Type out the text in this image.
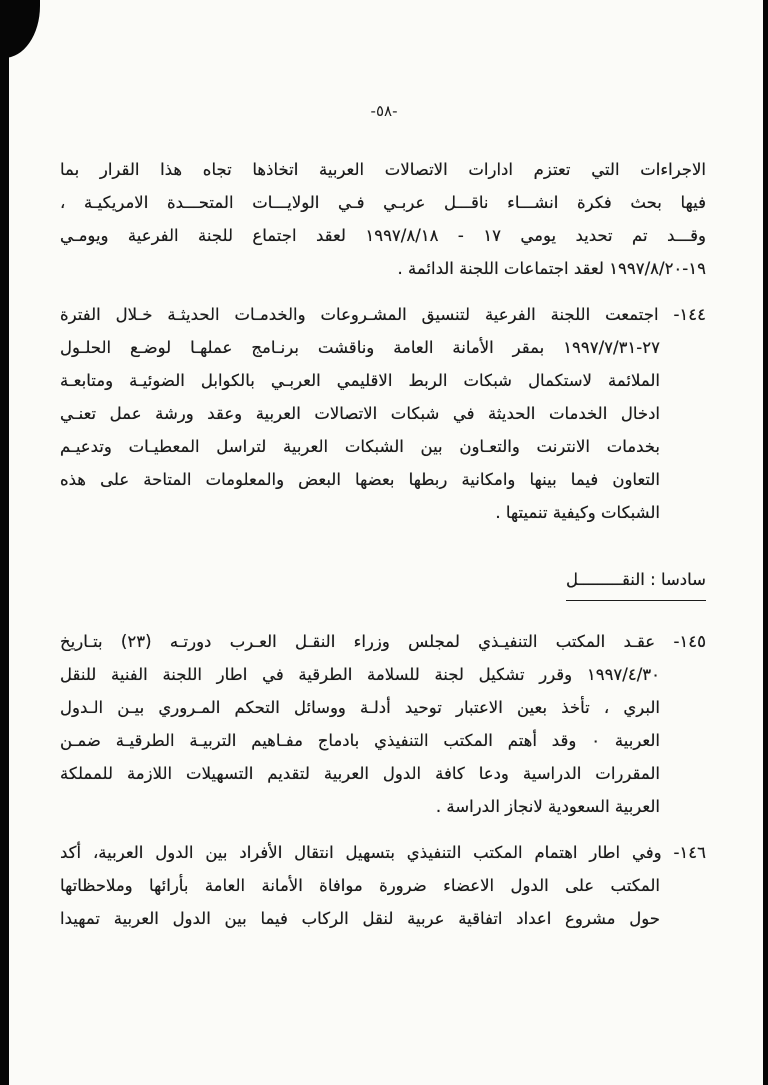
-٥٨-
الاجراءات التي تعتزم ادارات الاتصالات العربية اتخاذها تجاه هذا القرار بما
فيها بحث فكرة انشـــاء ناقـــل عربـي فـي الولايـــات المتحـــدة الامريكيـة ،
وقـــد تم تحديد يومي ١٧ - ١٩٩٧/٨/١٨ لعقد اجتماع للجنة الفرعية ويومـي
١٩-١٩٩٧/٨/٢٠ لعقد اجتماعات اللجنة الدائمة .
١٤٤- اجتمعت اللجنة الفرعية لتنسيق المشـروعات والخدمـات الحديثـة خـلال الفترة
٢٧-١٩٩٧/٧/٣١ بمقر الأمانة العامة وناقشت برنـامج عملهـا لوضـع الحلـول
الملائمة لاستكمال شبكات الربط الاقليمي العربـي بالكوابل الضوئيـة ومتابعـة
ادخال الخدمات الحديثة في شبكات الاتصالات العربية وعقد ورشة عمل تعنـي
بخدمات الانترنت والتعـاون بين الشبكات العربية لتراسل المعطيـات وتدعيـم
التعاون فيما بينها وامكانية ربطها بعضها البعض والمعلومات المتاحة على هذه
الشبكات وكيفية تنميتها .
سادسا : النقـــــــــل
١٤٥- عقـد المكتب التنفيـذي لمجلس وزراء النقـل العـرب دورتـه (٢٣) بتـاريخ
١٩٩٧/٤/٣٠ وقرر تشكيل لجنة للسلامة الطرقية في اطار اللجنة الفنية للنقل
البري ، تأخذ بعين الاعتبار توحيد أدلـة ووسائل التحكم المـروري بيـن الـدول
العربية ٠ وقد أهتم المكتب التنفيذي بادماج مفـاهيم التربيـة الطرقيـة ضمـن
المقررات الدراسية ودعا كافة الدول العربية لتقديم التسهيلات اللازمة للمملكة
العربية السعودية لانجاز الدراسة .
١٤٦- وفي اطار اهتمام المكتب التنفيذي بتسهيل انتقال الأفراد بين الدول العربية، أكد
المكتب على الدول الاعضاء ضرورة موافاة الأمانة العامة بأرائها وملاحظاتها
حول مشروع اعداد اتفاقية عربية لنقل الركاب فيما بين الدول العربية تمهيدا
